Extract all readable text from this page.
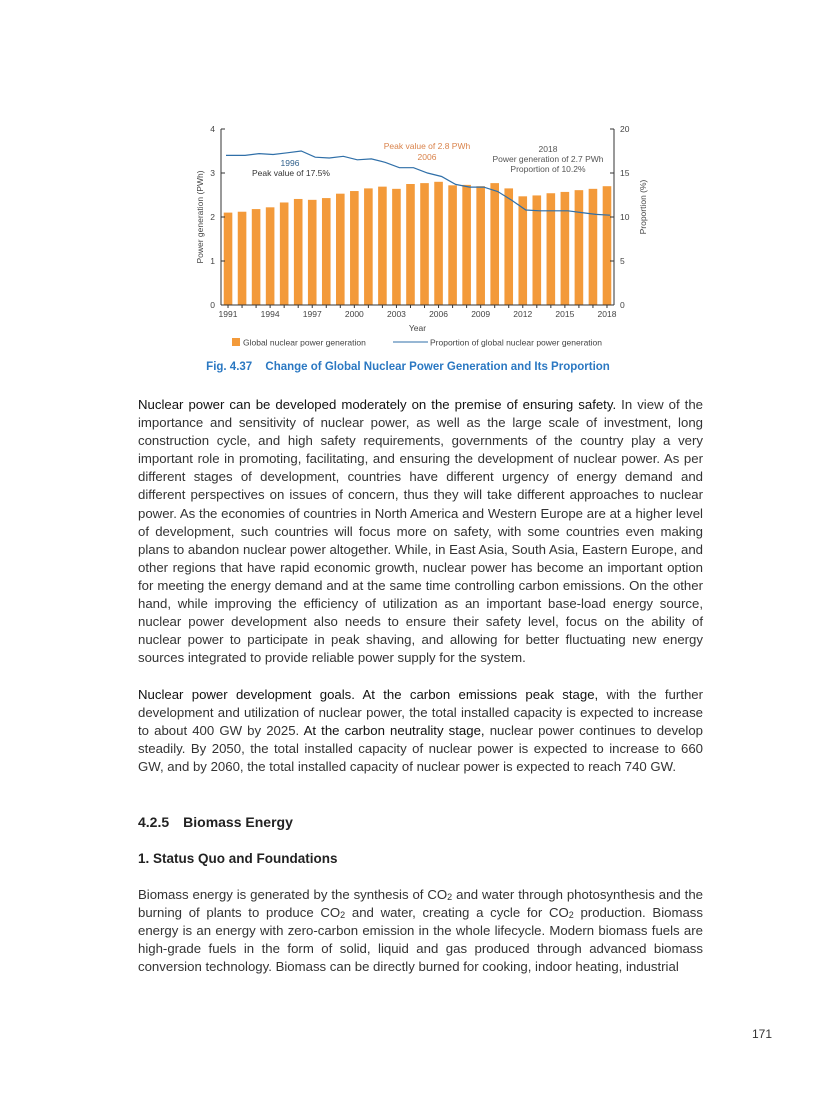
0
1
2
3
4
0
5
10
15
20
1991	1994	1997	2000	2003	2006	2009	2012	2015	2018
Year
Power generation (PWh)	Proportion (%)
1996
Peak value of 17.5%
Peak value of 2.8 PWh
2006
2018
Power generation of 2.7 PWh
Proportion of 10.2%
Global nuclear power generation	Proportion of global nuclear power generation
Fig. 4.37 Change of Global Nuclear Power Generation and Its Proportion
Nuclear power can be developed moderately on the premise of ensuring safety. In view of the importance and sensitivity of nuclear power, as well as the large scale of investment, long construction cycle, and high safety requirements, governments of the country play a very important role in promoting, facilitating, and ensuring the development of nuclear power. As per different stages of development, countries have different urgency of energy demand and different perspectives on issues of concern, thus they will take different approaches to nuclear power. As the economies of countries in North America and Western Europe are at a higher level of development, such countries will focus more on safety, with some countries even making plans to abandon nuclear power altogether. While, in East Asia, South Asia, Eastern Europe, and other regions that have rapid economic growth, nuclear power has become an important option for meeting the energy demand and at the same time controlling carbon emissions. On the other hand, while improving the efficiency of utilization as an important base-load energy source, nuclear power development also needs to ensure their safety level, focus on the ability of nuclear power to participate in peak shaving, and allowing for better fluctuating new energy sources integrated to provide reliable power supply for the system.
Nuclear power development goals. At the carbon emissions peak stage, with the further development and utilization of nuclear power, the total installed capacity is expected to increase to about 400 GW by 2025. At the carbon neutrality stage, nuclear power continues to develop steadily. By 2050, the total installed capacity of nuclear power is expected to increase to 660 GW, and by 2060, the total installed capacity of nuclear power is expected to reach 740 GW.
4.2.5 Biomass Energy
1. Status Quo and Foundations
Biomass energy is generated by the synthesis of $CO_2$ and water through photosynthesis and the burning of plants to produce $CO_2$ and water, creating a cycle for $CO_2$ production. Biomass energy is an energy with zero-carbon emission in the whole lifecycle. Modern biomass fuels are high-grade fuels in the form of solid, liquid and gas produced through advanced biomass conversion technology. Biomass can be directly burned for cooking, indoor heating, industrial
171
